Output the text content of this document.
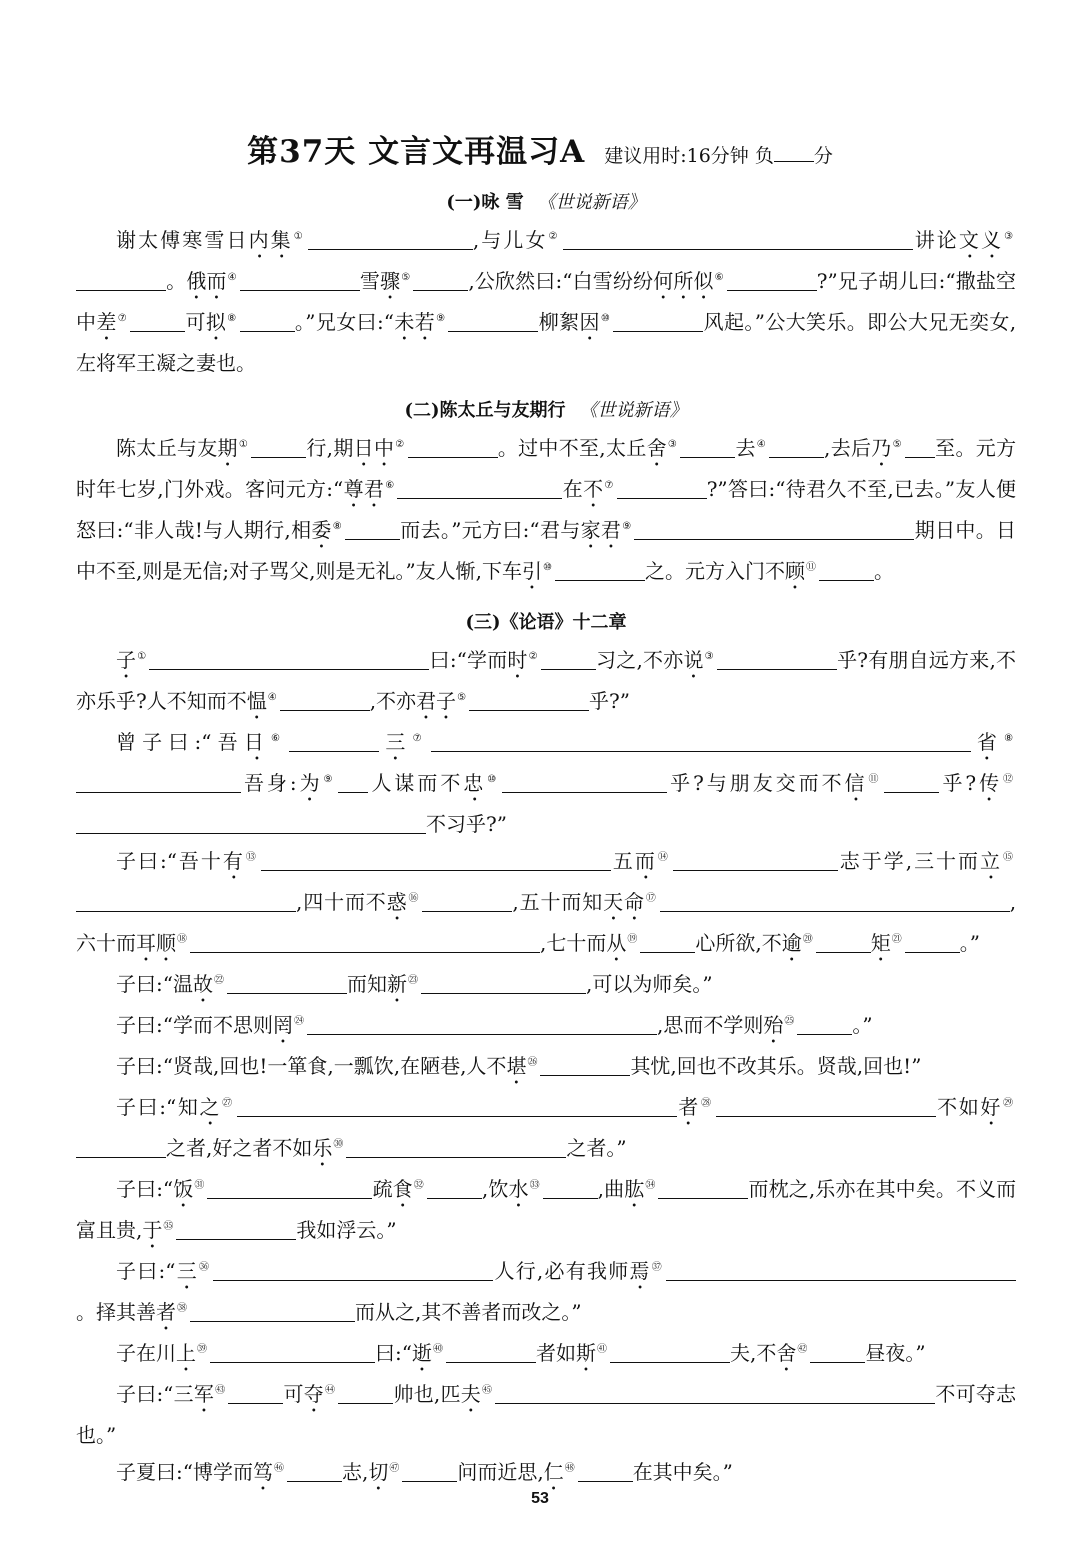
第37天 文言文再温习A 建议用时:16分钟 负 分
(一)咏 雪 《世说新语》
谢太傅寒雪日内集①	,与儿女②	讲论文义③。俄而④	雪骤⑤	,公欣然曰:“白雪纷纷何所似⑥	?”兄子胡儿曰:“撒盐空中差⑦	可拟⑧	。”兄女曰:“未若⑨	柳絮因⑩	风起。”公大笑乐。即公大兄无奕女,左将军王凝之妻也。
(二)陈太丘与友期行 《世说新语》
陈太丘与友期①	行,期日中②	。过中不至,太丘舍③	去④	,去后乃⑤ 至。元方时年七岁,门外戏。客问元方:“尊君⑥	在不⑦	?”答曰:“待君久不至,已去。”友人便怒曰:“非人哉!与人期行,相委⑧	而去。”元方曰:“君与家君⑨	期日中。日中不至,则是无信;对子骂父,则是无礼。”友人惭,下车引⑩	之。元方入门不顾⑪	。
(三)《论语》十二章
子①	曰:“学而时②	习之,不亦说③	乎?有朋自远方来,不亦乐乎?人不知而不愠④	,不亦君子⑤	乎?”
曾子曰:“吾日⑥	三⑦	省⑧吾身:为⑨ 人谋而不忠⑩	乎?与朋友交而不信⑪	乎?传⑫不习乎?”
子曰:“吾十有⑬	五而⑭	志于学,三十而立⑮,四十而不惑⑯	,五十而知天命⑰	,六十而耳顺⑱	,七十而从⑲	心所欲,不逾⑳	矩$^㉑$	。”
子曰:“温故$^㉒$	而知新$^㉓$	,可以为师矣。”
子曰:“学而不思则罔$^㉔$	,思而不学则殆$^㉕$	。”
子曰:“贤哉,回也!一箪食,一瓢饮,在陋巷,人不堪$^㉖$	其忧,回也不改其乐。贤哉,回也!”
子曰:“知之$^㉗$	者$^㉘$	不如好$^㉙$之者,好之者不如乐$^㉚$	之者。”
子曰:“饭$^㉛$	疏食$^㉜$	,饮水$^㉝$	,曲肱$^㉞$	而枕之,乐亦在其中矣。不义而富且贵,于$^㉟$	我如浮云。”
子曰:“三$^㊱$	人行,必有我师焉$^㊲$。择其善者$^㊳$	而从之,其不善者而改之。”
子在川上$^㊴$	曰:“逝$^㊵$	者如斯$^㊶$	夫,不舍$^㊷$	昼夜。”
子曰:“三军$^㊸$	可夺$^㊹$	帅也,匹夫$^㊺$	不可夺志也。”
子夏曰:“博学而笃$^㊻$	志,切$^㊼$	问而近思,仁$^㊽$	在其中矣。”
53
